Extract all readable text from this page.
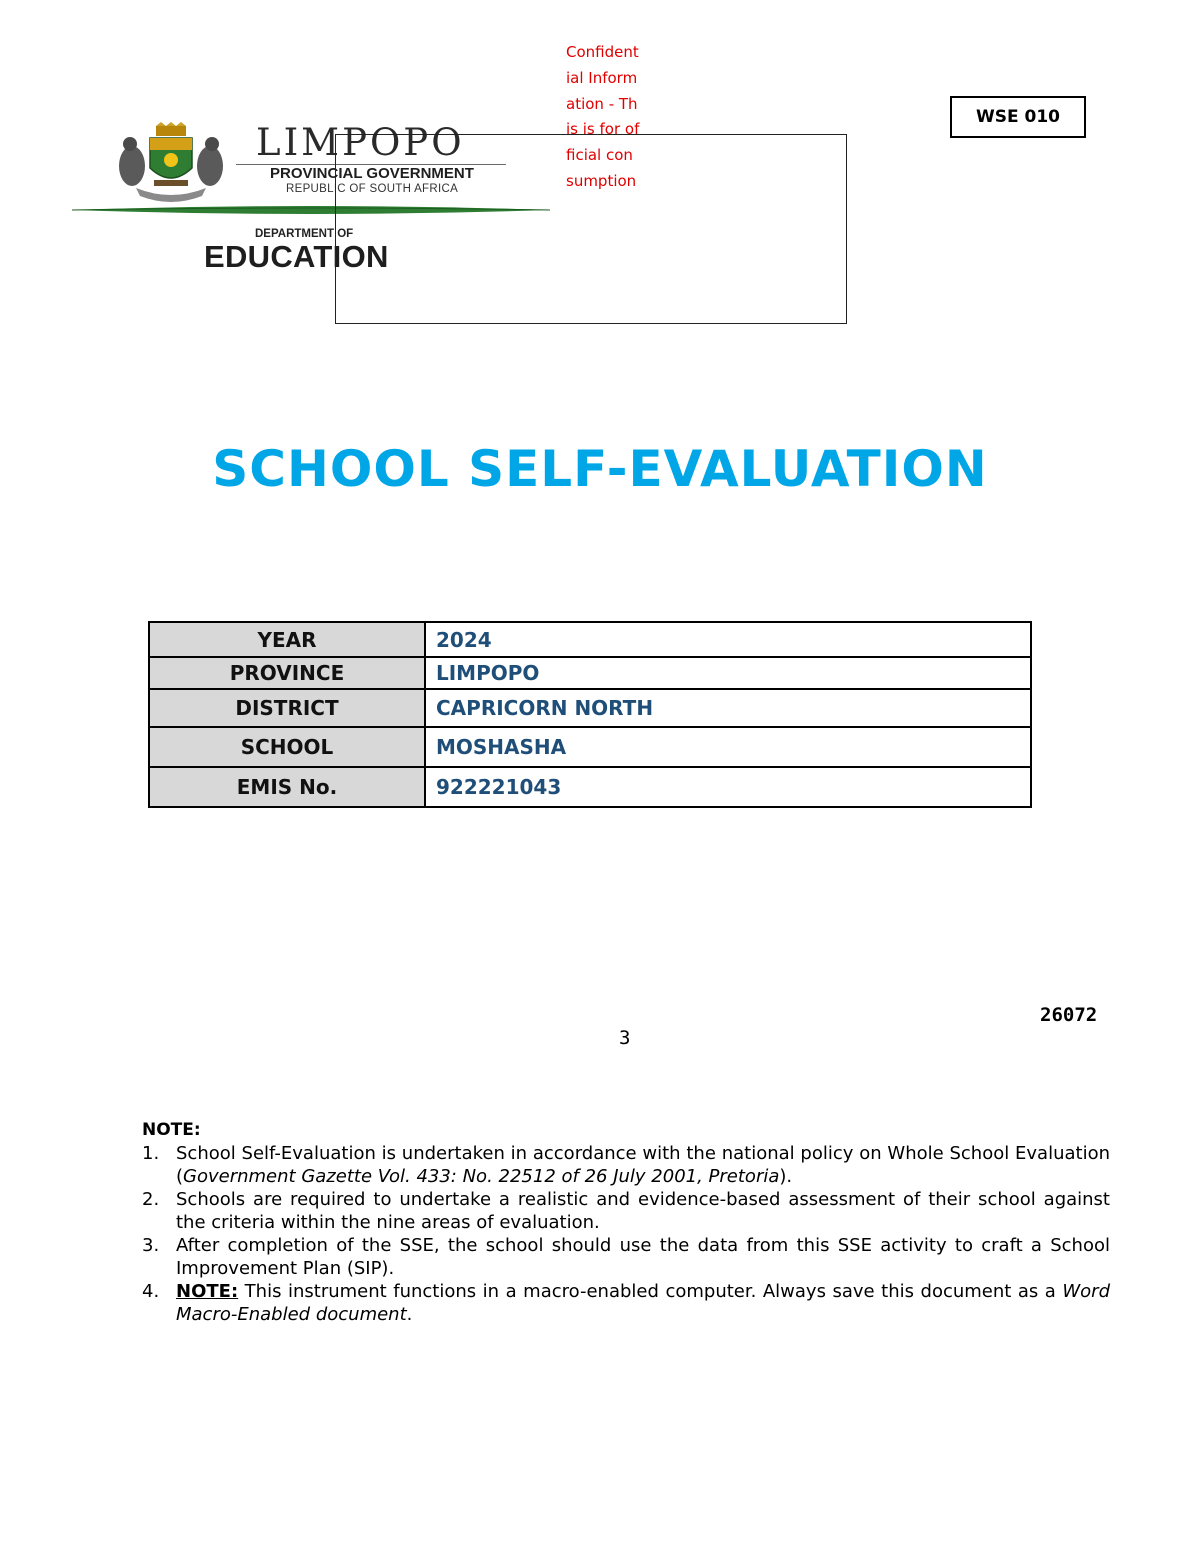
LIMPOPO
PROVINCIAL GOVERNMENT
REPUBLIC OF SOUTH AFRICA
DEPARTMENT OF
EDUCATION
Confidential Information - This is for official consumption
WSE 010
SCHOOL SELF-EVALUATION
YEAR	2024
PROVINCE	LIMPOPO
DISTRICT	CAPRICORN NORTH
SCHOOL	MOSHASHA
EMIS No.	922221043
26072
3
NOTE:
1. School Self-Evaluation is undertaken in accordance with the national policy on Whole School Evaluation (Government Gazette Vol. 433: No. 22512 of 26 July 2001, Pretoria).
2. Schools are required to undertake a realistic and evidence-based assessment of their school against the criteria within the nine areas of evaluation.
3. After completion of the SSE, the school should use the data from this SSE activity to craft a School Improvement Plan (SIP).
4. NOTE: This instrument functions in a macro-enabled computer. Always save this document as a Word Macro-Enabled document.
